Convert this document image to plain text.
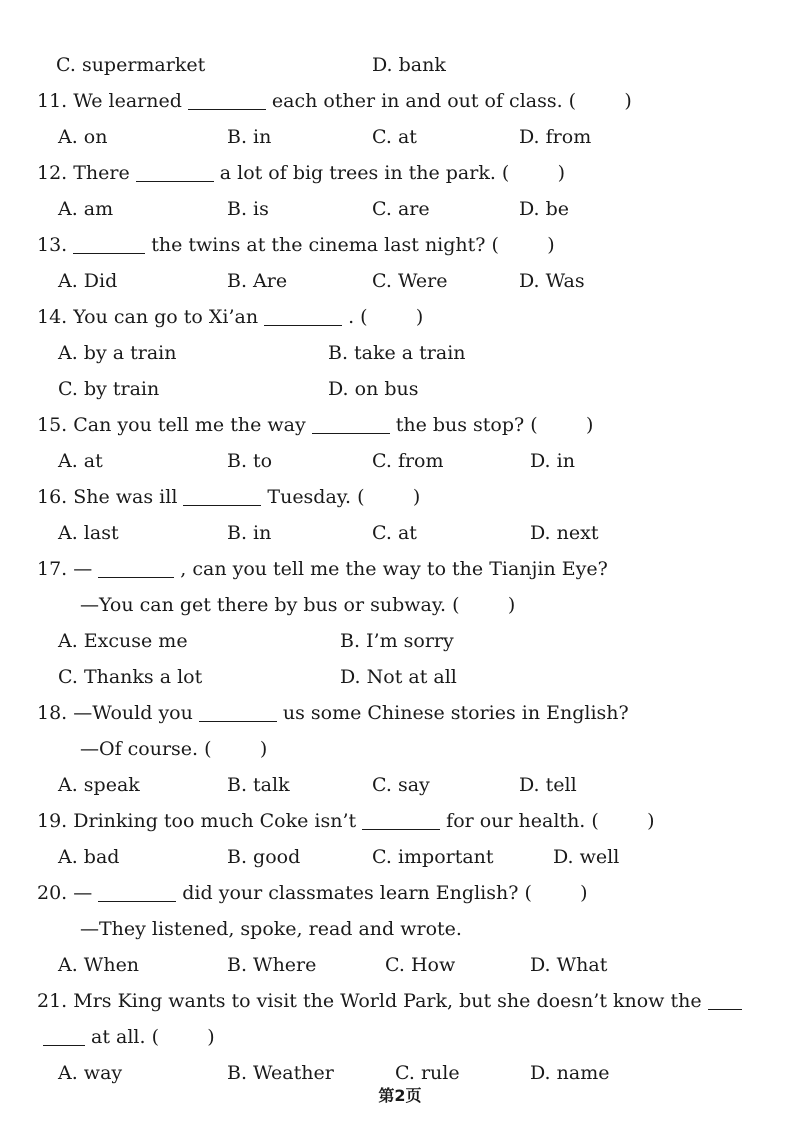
C. supermarket	D. bank
11. We learned	each other in and out of class. (        )
A. on	B. in	C. at	D. from
12. There	a lot of big trees in the park. (        )
A. am	B. is	C. are	D. be
13.	the twins at the cinema last night? (        )
A. Did	B. Are	C. Were	D. Was
14. You can go to Xi’an	. (        )
A. by a train	B. take a train
C. by train	D. on bus
15. Can you tell me the way	the bus stop? (        )
A. at	B. to	C. from	D. in
16. She was ill	Tuesday. (        )
A. last	B. in	C. at	D. next
17. —	, can you tell me the way to the Tianjin Eye?
—You can get there by bus or subway. (        )
A. Excuse me	B. I’m sorry
C. Thanks a lot	D. Not at all
18. —Would you	us some Chinese stories in English?
—Of course. (        )
A. speak	B. talk	C. say	D. tell
19. Drinking too much Coke isn’t	for our health. (        )
A. bad	B. good	C. important	D. well
20. —	did your classmates learn English? (        )
—They listened, spoke, read and wrote.
A. When	B. Where	C. How	D. What
21. Mrs King wants to visit the World Park, but she doesn’t know the
at all. (        )
A. way	B. Weather	C. rule	D. name
第2页
